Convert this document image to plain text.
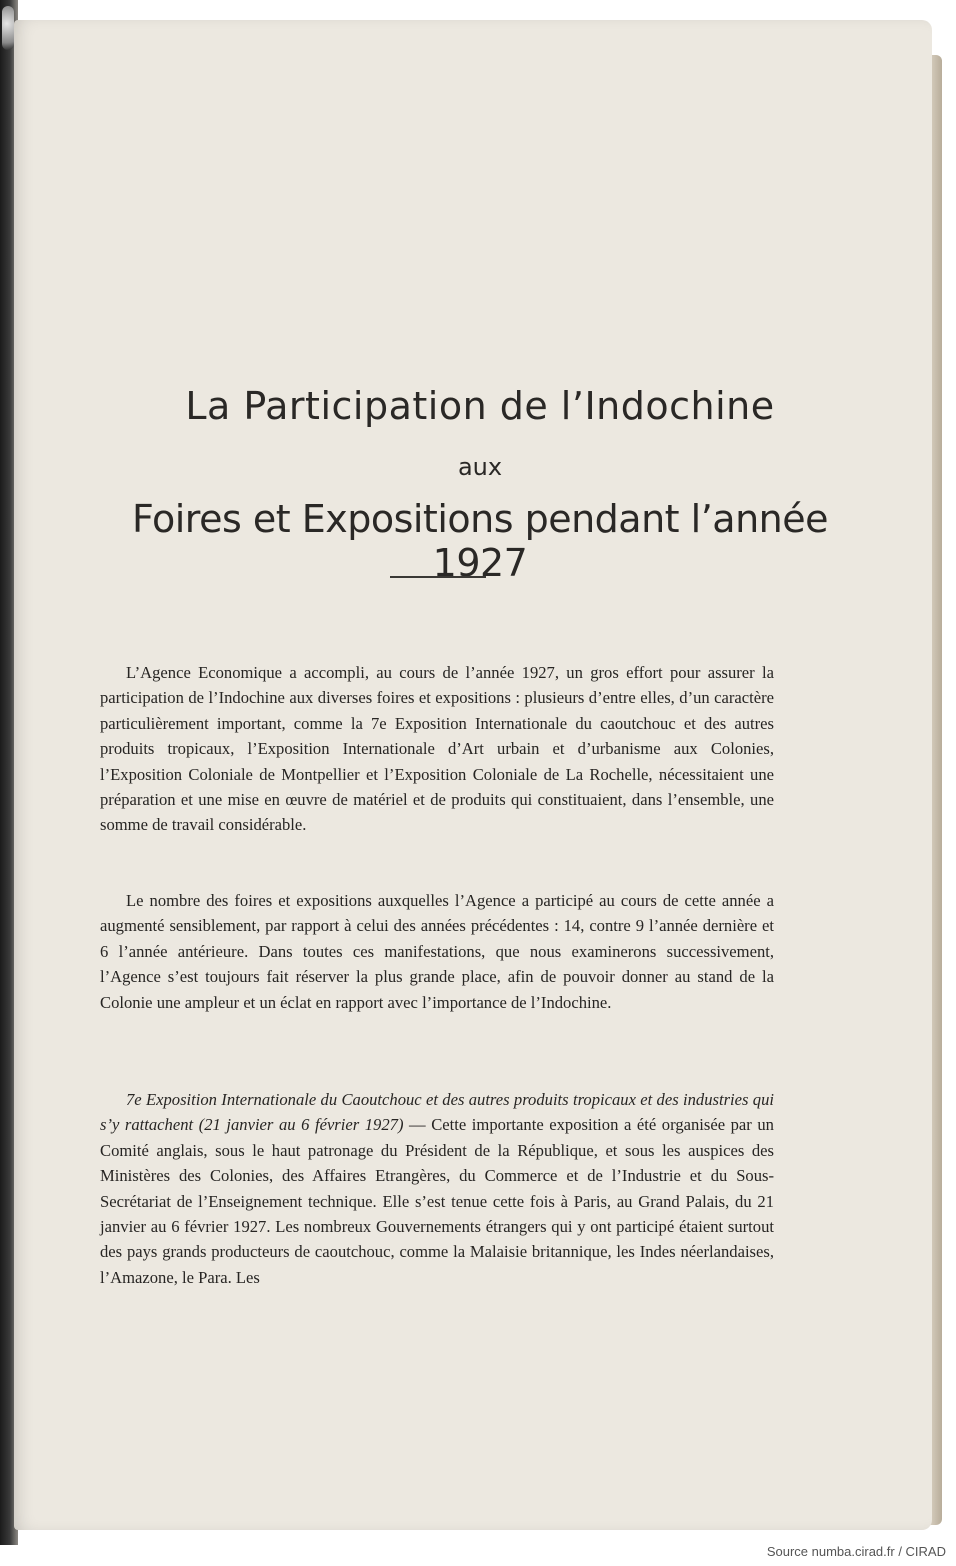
La Participation de l’Indochine
aux
Foires et Expositions pendant l’année 1927

L’Agence Economique a accompli, au cours de l’année 1927, un gros effort pour assurer la participation de l’Indochine aux diverses foires et expositions : plusieurs d’entre elles, d’un caractère particulièrement important, comme la 7e Exposition Internationale du caoutchouc et des autres produits tropicaux, l’Exposition Internationale d’Art urbain et d’urbanisme aux Colonies, l’Exposition Coloniale de Montpellier et l’Exposition Coloniale de La Rochelle, nécessitaient une préparation et une mise en œuvre de matériel et de produits qui constituaient, dans l’ensemble, une somme de travail considérable.

Le nombre des foires et expositions auxquelles l’Agence a participé au cours de cette année a augmenté sensiblement, par rapport à celui des années précédentes : 14, contre 9 l’année dernière et 6 l’année antérieure. Dans toutes ces manifestations, que nous examinerons successivement, l’Agence s’est toujours fait réserver la plus grande place, afin de pouvoir donner au stand de la Colonie une ampleur et un éclat en rapport avec l’importance de l’Indochine.

7e Exposition Internationale du Caoutchouc et des autres produits tropicaux et des industries qui s’y rattachent (21 janvier au 6 février 1927) — Cette importante exposition a été organisée par un Comité anglais, sous le haut patronage du Président de la République, et sous les auspices des Ministères des Colonies, des Affaires Etrangères, du Commerce et de l’Industrie et du Sous-Secrétariat de l’Enseignement technique. Elle s’est tenue cette fois à Paris, au Grand Palais, du 21 janvier au 6 février 1927. Les nombreux Gouvernements étrangers qui y ont participé étaient surtout des pays grands producteurs de caoutchouc, comme la Malaisie britannique, les Indes néerlandaises, l’Amazone, le Para. Les

Source numba.cirad.fr / CIRAD
